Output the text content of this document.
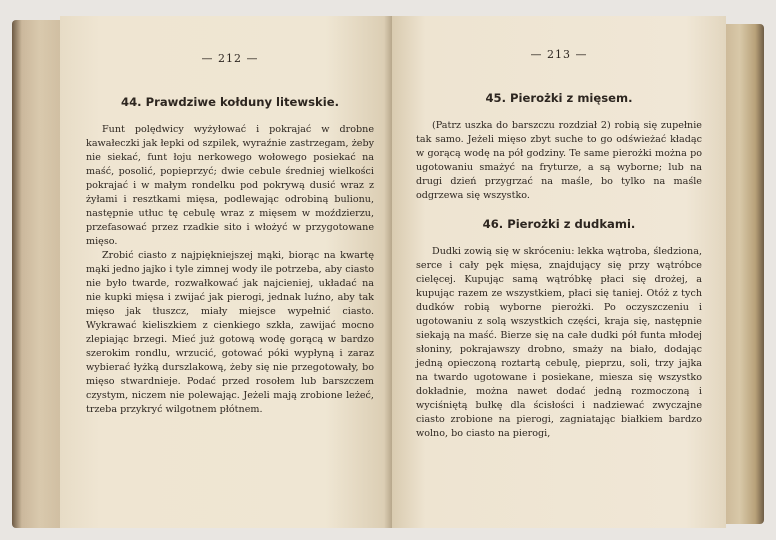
— 212 —
44. Prawdziwe kołduny litewskie.

Funt polędwicy wyżyłować i pokrajać w drobne kawałeczki jak łepki od szpilek, wyraźnie zastrzegam, żeby nie siekać, funt łoju nerkowego wołowego posiekać na maść, posolić, popieprzyć; dwie cebule średniej wielkości pokrajać i w małym rondelku pod pokrywą dusić wraz z żyłami i resztkami mięsa, podlewając odrobiną bulionu, następnie utłuc tę cebulę wraz z mięsem w moździerzu, przefasować przez rzadkie sito i włożyć w przygotowane mięso.

Zrobić ciasto z najpiękniejszej mąki, biorąc na kwartę mąki jedno jajko i tyle zimnej wody ile potrzeba, aby ciasto nie było twarde, rozwałkować jak najcieniej, układać na nie kupki mięsa i zwijać jak pierogi, jednak luźno, aby tak mięso jak tłuszcz, miały miejsce wypełnić ciasto. Wykrawać kieliszkiem z cienkiego szkła, zawijać mocno zlepiając brzegi. Mieć już gotową wodę gorącą w bardzo szerokim rondlu, wrzucić, gotować póki wypłyną i zaraz wybierać łyżką durszlakową, żeby się nie przegotowały, bo mięso stwardnieje. Podać przed rosołem lub barszczem czystym, niczem nie polewając. Jeżeli mają zrobione leżeć, trzeba przykryć wilgotnem płótnem.

— 213 —
45. Pierożki z mięsem.

(Patrz uszka do barszczu rozdział 2) robią się zupełnie tak samo. Jeżeli mięso zbyt suche to go odświeżać kładąc w gorącą wodę na pół godziny. Te same pierożki można po ugotowaniu smażyć na fryturze, a są wyborne; lub na drugi dzień przygrzać na maśle, bo tylko na maśle odgrzewa się wszystko.

46. Pierożki z dudkami.

Dudki zowią się w skróceniu: lekka wątroba, śledziona, serce i cały pęk mięsa, znajdujący się przy wątróbce cielęcej. Kupując samą wątróbkę płaci się drożej, a kupując razem ze wszystkiem, płaci się taniej. Otóż z tych dudków robią wyborne pierożki. Po oczyszczeniu i ugotowaniu z solą wszystkich części, kraja się, następnie siekają na maść. Bierze się na całe dudki pół funta młodej słoniny, pokrajawszy drobno, smaży na biało, dodając jedną opieczoną roztartą cebulę, pieprzu, soli, trzy jajka na twardo ugotowane i posiekane, miesza się wszystko dokładnie, można nawet dodać jedną rozmoczoną i wyciśniętą bułkę dla ścisłości i nadziewać zwyczajne ciasto zrobione na pierogi, zagniatając białkiem bardzo wolno, bo ciasto na pierogi,
